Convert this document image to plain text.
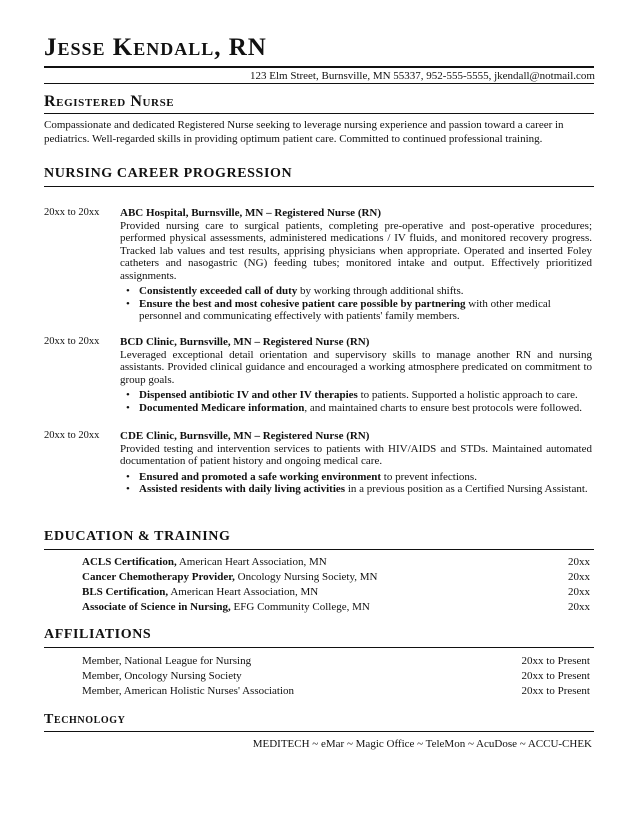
Jesse Kendall, RN
123 Elm Street, Burnsville, MN 55337, 952-555-5555, jkendall@notmail.com
Registered Nurse
Compassionate and dedicated Registered Nurse seeking to leverage nursing experience and passion toward a career in pediatrics. Well-regarded skills in providing optimum patient care. Committed to continued professional training.
NURSING CAREER PROGRESSION
20xx to 20xx ABC Hospital, Burnsville, MN – Registered Nurse (RN)

Provided nursing care to surgical patients, completing pre-operative and post-operative procedures; performed physical assessments, administered medications / IV fluids, and monitored recovery progress. Tracked lab values and test results, apprising physicians when appropriate. Operated and inserted Foley catheters and nasogastric (NG) feeding tubes; monitored intake and output. Effectively prioritized assignments.

• Consistently exceeded call of duty by working through additional shifts.
• Ensure the best and most cohesive patient care possible by partnering with other medical personnel and communicating effectively with patients' family members.
20xx to 20xx BCD Clinic, Burnsville, MN – Registered Nurse (RN)

Leveraged exceptional detail orientation and supervisory skills to manage another RN and nursing assistants. Provided clinical guidance and encouraged a working atmosphere predicated on commitment to group goals.

• Dispensed antibiotic IV and other IV therapies to patients. Supported a holistic approach to care.
• Documented Medicare information, and maintained charts to ensure best protocols were followed.
20xx to 20xx CDE Clinic, Burnsville, MN – Registered Nurse (RN)

Provided testing and intervention services to patients with HIV/AIDS and STDs. Maintained automated documentation of patient history and ongoing medical care.

• Ensured and promoted a safe working environment to prevent infections.
• Assisted residents with daily living activities in a previous position as a Certified Nursing Assistant.
EDUCATION & TRAINING
ACLS Certification, American Heart Association, MN	20xx
Cancer Chemotherapy Provider, Oncology Nursing Society, MN	20xx
BLS Certification, American Heart Association, MN	20xx
Associate of Science in Nursing, EFG Community College, MN	20xx
AFFILIATIONS
Member, National League for Nursing	20xx to Present
Member, Oncology Nursing Society	20xx to Present
Member, American Holistic Nurses' Association	20xx to Present
Technology
MEDITECH ~ eMar ~ Magic Office ~ TeleMon ~ AcuDose ~ ACCU-CHEK
